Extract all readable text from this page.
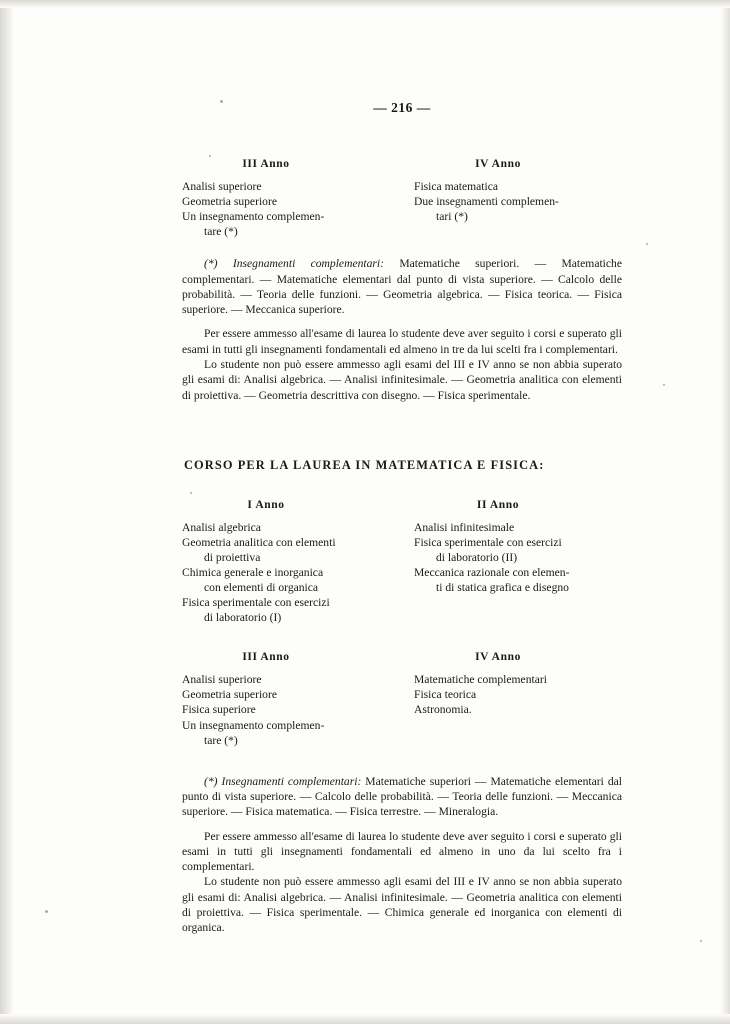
— 216 —
III Anno
Analisi superiore
Geometria superiore
Un insegnamento complemen-
tare (*)
IV Anno
Fisica matematica
Due insegnamenti complemen-
tari (*)

(*) Insegnamenti complementari: Matematiche superiori. — Matematiche complementari. — Matematiche elementari dal punto di vista superiore. — Calcolo delle probabilità. — Teoria delle funzioni. — Geometria algebrica. — Fisica teorica. — Fisica superiore. — Meccanica superiore.

Per essere ammesso all'esame di laurea lo studente deve aver seguito i corsi e superato gli esami in tutti gli insegnamenti fondamentali ed almeno in tre da lui scelti fra i complementari.

Lo studente non può essere ammesso agli esami del III e IV anno se non abbia superato gli esami di: Analisi algebrica. — Analisi infinitesimale. — Geometria analitica con elementi di proiettiva. — Geometria descrittiva con disegno. — Fisica sperimentale.

CORSO PER LA LAUREA IN MATEMATICA E FISICA:
I Anno
Analisi algebrica
Geometria analitica con elementi
di proiettiva
Chimica generale e inorganica
con elementi di organica
Fisica sperimentale con esercizi
di laboratorio (I)
II Anno
Analisi infinitesimale
Fisica sperimentale con esercizi
di laboratorio (II)
Meccanica razionale con elemen-
ti di statica grafica e disegno
III Anno
Analisi superiore
Geometria superiore
Fisica superiore
Un insegnamento complemen-
tare (*)
IV Anno
Matematiche complementari
Fisica teorica
Astronomia.

(*) Insegnamenti complementari: Matematiche superiori — Matematiche elementari dal punto di vista superiore. — Calcolo delle probabilità. — Teoria delle funzioni. — Meccanica superiore. — Fisica matematica. — Fisica terrestre. — Mineralogia.

Per essere ammesso all'esame di laurea lo studente deve aver seguito i corsi e superato gli esami in tutti gli insegnamenti fondamentali ed almeno in uno da lui scelto fra i complementari.

Lo studente non può essere ammesso agli esami del III e IV anno se non abbia superato gli esami di: Analisi algebrica. — Analisi infinitesimale. — Geometria analitica con elementi di proiettiva. — Fisica sperimentale. — Chimica generale ed inorganica con elementi di organica.
